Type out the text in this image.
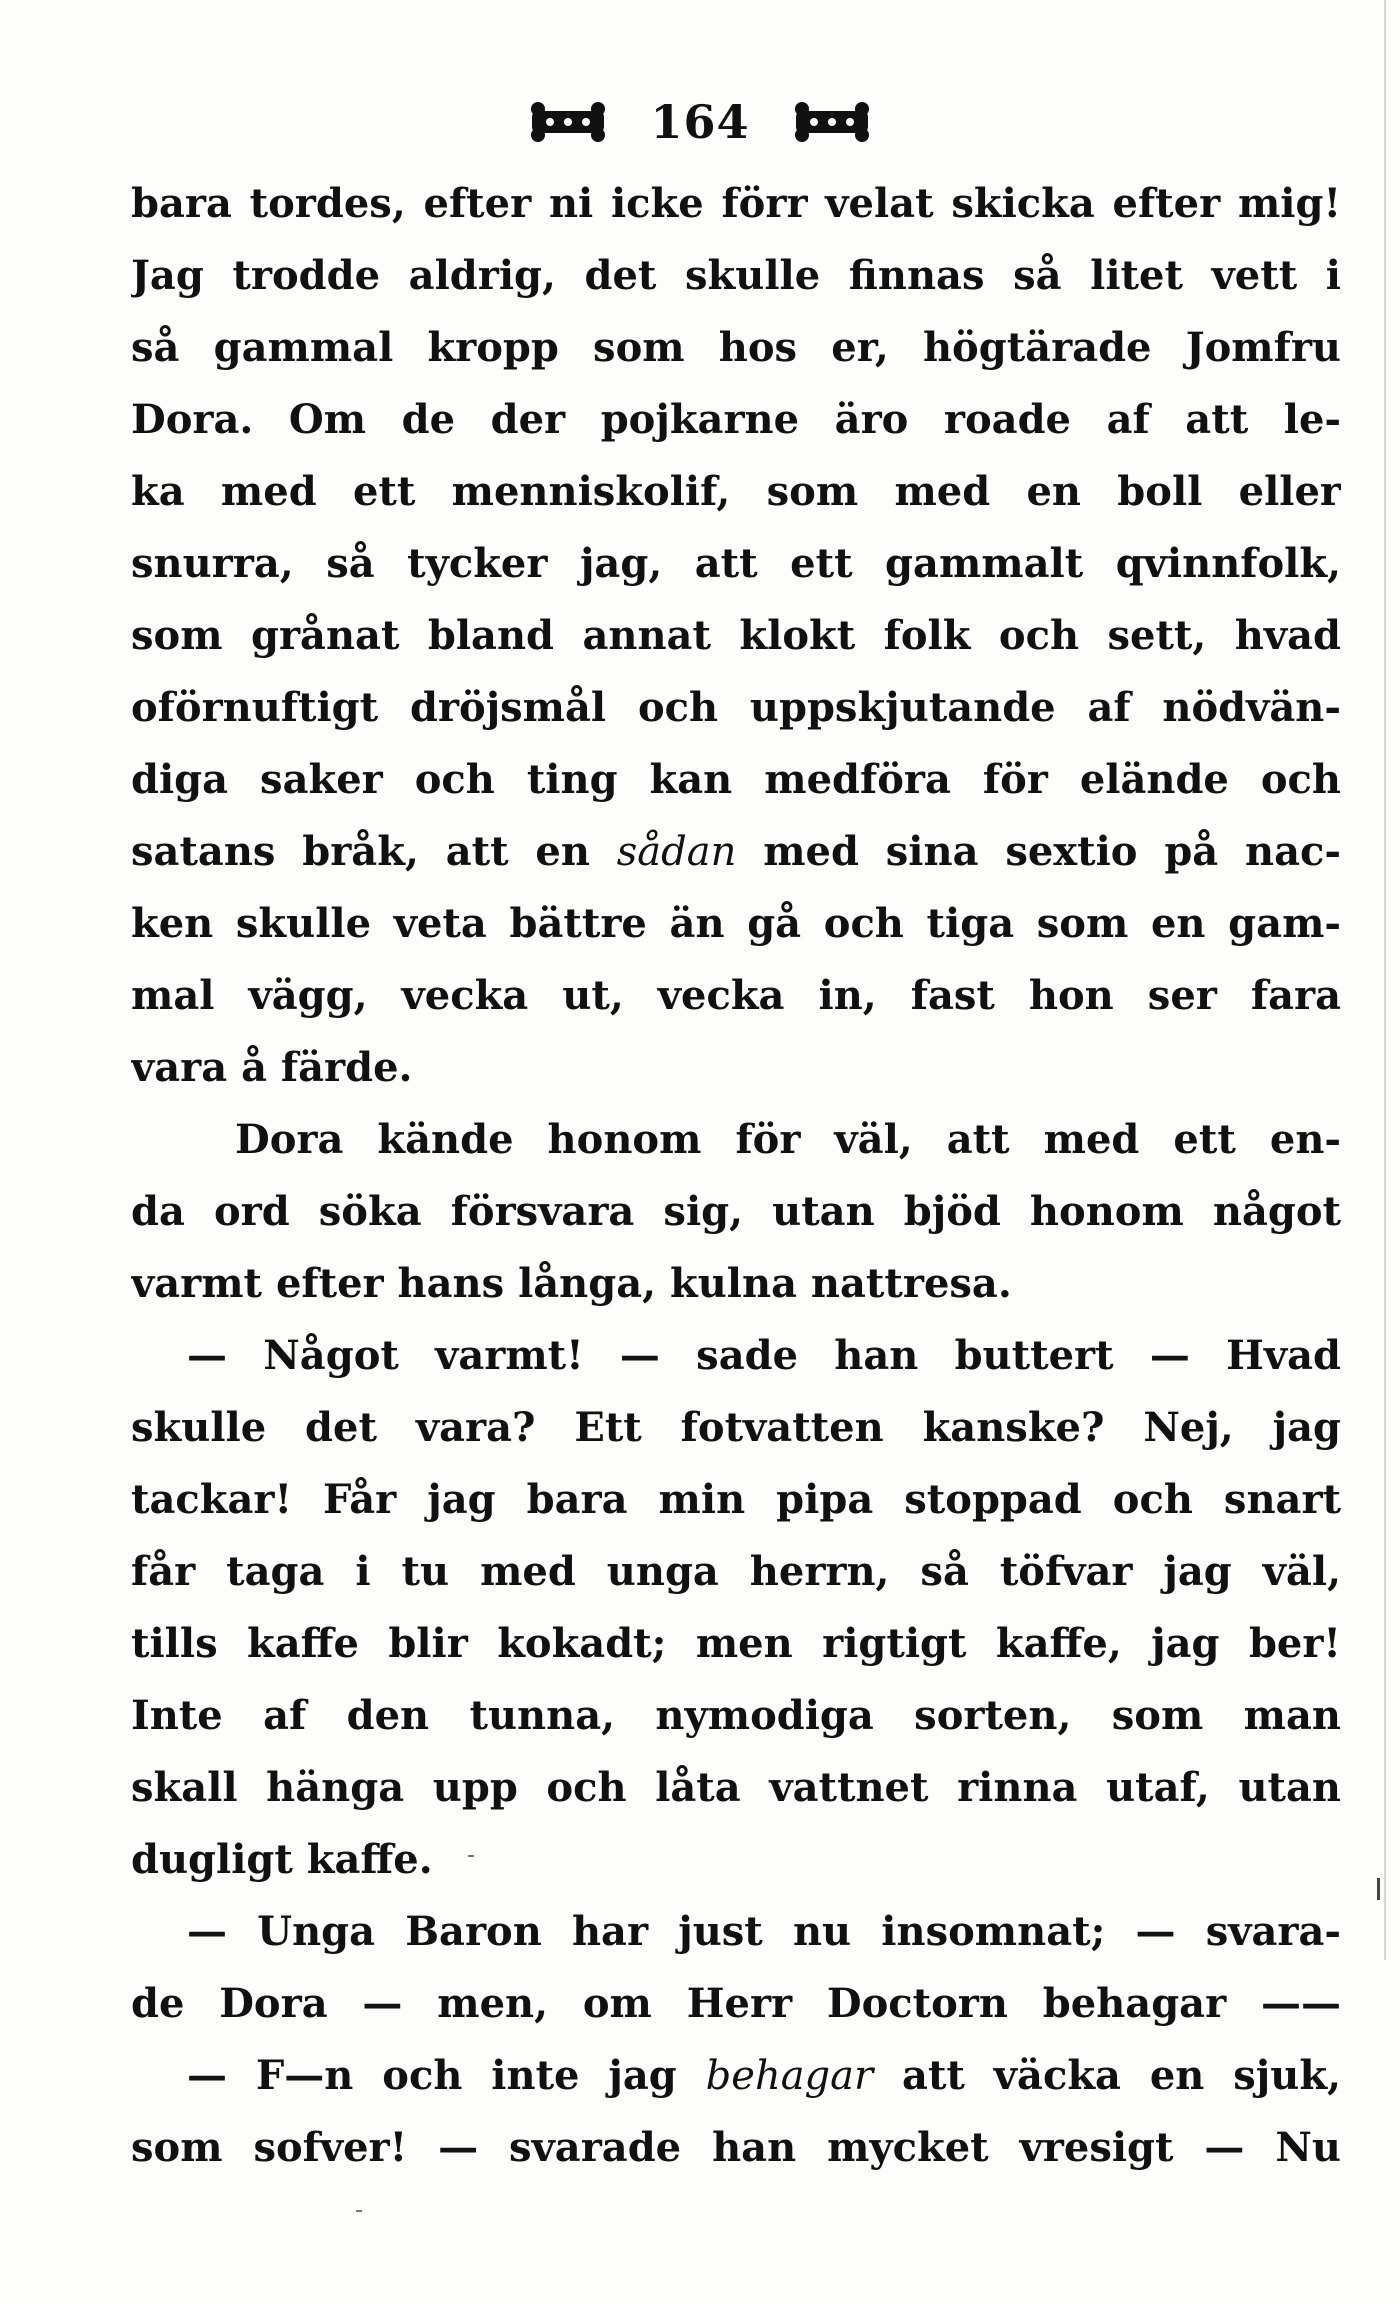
164
bara tordes, efter ni icke förr velat skicka efter mig!
Jag trodde aldrig, det skulle finnas så litet vett i
så gammal kropp som hos er, högtärade Jomfru
Dora. Om de der pojkarne äro roade af att le-
ka med ett menniskolif, som med en boll eller
snurra, så tycker jag, att ett gammalt qvinnfolk,
som grånat bland annat klokt folk och sett, hvad
oförnuftigt dröjsmål och uppskjutande af nödvän-
diga saker och ting kan medföra för elände och
satans bråk, att en sådan med sina sextio på nac-
ken skulle veta bättre än gå och tiga som en gam-
mal vägg, vecka ut, vecka in, fast hon ser fara
vara å färde.
Dora kände honom för väl, att med ett en-
da ord söka försvara sig, utan bjöd honom något
varmt efter hans långa, kulna nattresa.
— Något varmt! — sade han buttert — Hvad
skulle det vara? Ett fotvatten kanske? Nej, jag
tackar! Får jag bara min pipa stoppad och snart
får taga i tu med unga herrn, så töfvar jag väl,
tills kaffe blir kokadt; men rigtigt kaffe, jag ber!
Inte af den tunna, nymodiga sorten, som man
skall hänga upp och låta vattnet rinna utaf, utan
dugligt kaffe.
— Unga Baron har just nu insomnat; — svara-
de Dora — men, om Herr Doctorn behagar ——
— F—n och inte jag behagar att väcka en sjuk,
som sofver! — svarade han mycket vresigt — Nu
